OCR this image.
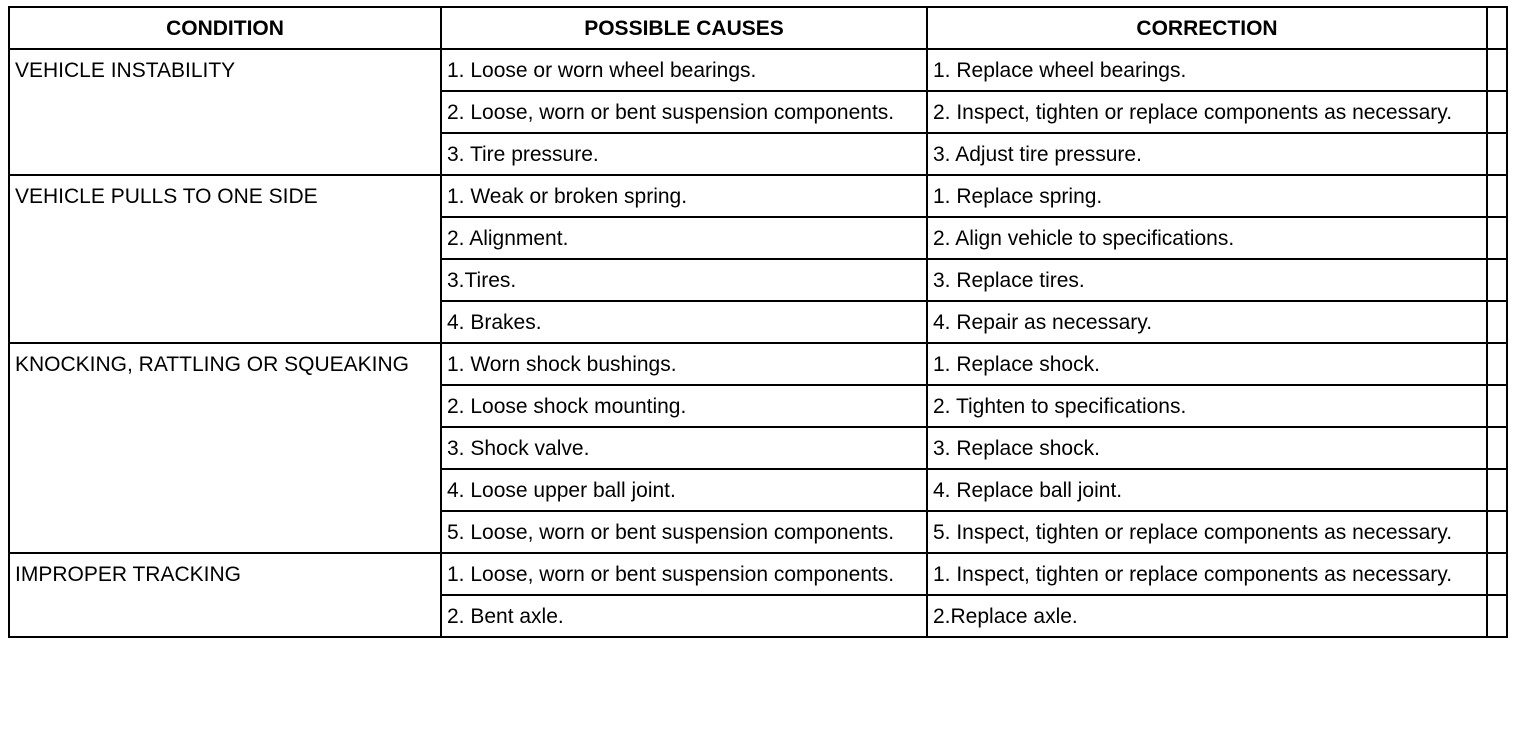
CONDITION	POSSIBLE CAUSES	CORRECTION	
VEHICLE INSTABILITY	1. Loose or worn wheel bearings.	1. Replace wheel bearings.	
	2. Loose, worn or bent suspension components.	2. Inspect, tighten or replace components as necessary.	
	3. Tire pressure.	3. Adjust tire pressure.	
VEHICLE PULLS TO ONE SIDE	1. Weak or broken spring.	1. Replace spring.	
	2. Alignment.	2. Align vehicle to specifications.	
	3.Tires.	3. Replace tires.	
	4. Brakes.	4. Repair as necessary.	
KNOCKING, RATTLING OR SQUEAKING	1. Worn shock bushings.	1. Replace shock.	
	2. Loose shock mounting.	2. Tighten to specifications.	
	3. Shock valve.	3. Replace shock.	
	4. Loose upper ball joint.	4. Replace ball joint.	
	5. Loose, worn or bent suspension components.	5. Inspect, tighten or replace components as necessary.	
IMPROPER TRACKING	1. Loose, worn or bent suspension components.	1. Inspect, tighten or replace components as necessary.	
	2. Bent axle.	2.Replace axle.	
